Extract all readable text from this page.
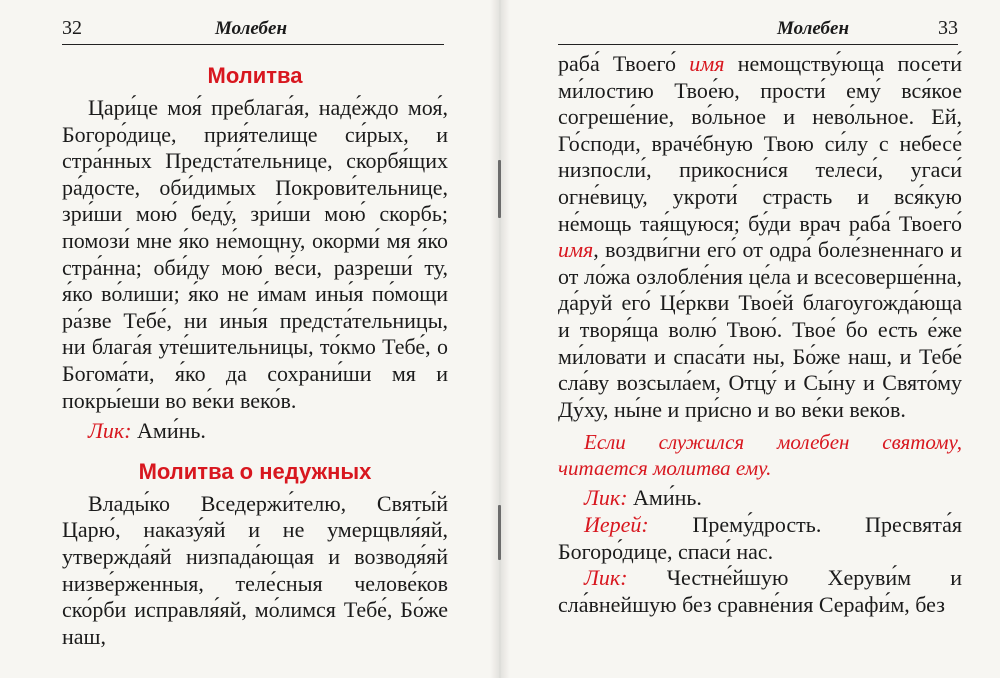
32	Молебен
Молитва

Цари́це моя́ преблага́я, наде́ждо моя́, Богоро́дице, прия́телище си́рых, и стра́нных Предста́тельнице, скорбя́щих ра́досте, оби́димых Покрови́тельнице, зри́ши мою́ беду́, зри́ши мою́ скорбь; помози́ мне я́ко не́мощну, окорми́ мя я́ко стра́нна; оби́ду мою́ ве́си, разреши́ ту, я́ко во́лиши; я́ко не и́мам ины́я по́мощи ра́зве Тебе́, ни ины́я предста́тельницы, ни блага́я уте́шительницы, то́кмо Тебе́, о Богома́ти, я́ко да сохрани́ши мя и покры́еши во ве́ки веко́в.

Лик: Ами́нь.

Молитва о недужных

Влады́ко Вседержи́телю, Святы́й Царю́, наказу́яй и не умерщвля́яй, утвержда́яй низпада́ющая и возводя́яй низве́рженныя, теле́сныя челове́ков ско́рби исправля́яй, мо́лимся Тебе́, Бо́же наш,

Молебен	33

раба́ Твоего́ имя немощству́юща посети́ ми́лостию Твое́ю, прости́ ему́ вся́кое согреше́ние, во́льное и нево́льное. Ей, Го́споди, врачéбную Твою си́лу с небесе́ низпосли́, прикосни́ся телеси́, угаси́ огне́вицу, укроти́ страсть и вся́кую не́мощь тая́щуюся; бу́ди врач раба́ Твоего́ имя, воздви́гни его́ от одра́ боле́зненнаго и от ло́жа озлобле́ния це́ла и всесоверше́нна, да́руй его́ Це́ркви Твое́й благоугожда́юща и творя́ща волю́ Твою́. Твое́ бо есть е́же ми́ловати и спаса́ти ны, Бо́же наш, и Тебе́ сла́ву возсыла́ем, Отцу́ и Сы́ну и Свято́му Ду́ху, ны́не и при́сно и во ве́ки веко́в.

Если служился молебен святому, читается молитва ему.

Лик: Ами́нь.

Иерей: Прему́дрость. Пресвята́я Богоро́дице, спаси́ нас.

Лик: Честне́йшую Херуви́м и сла́внейшую без сравне́ния Серафи́м, без
